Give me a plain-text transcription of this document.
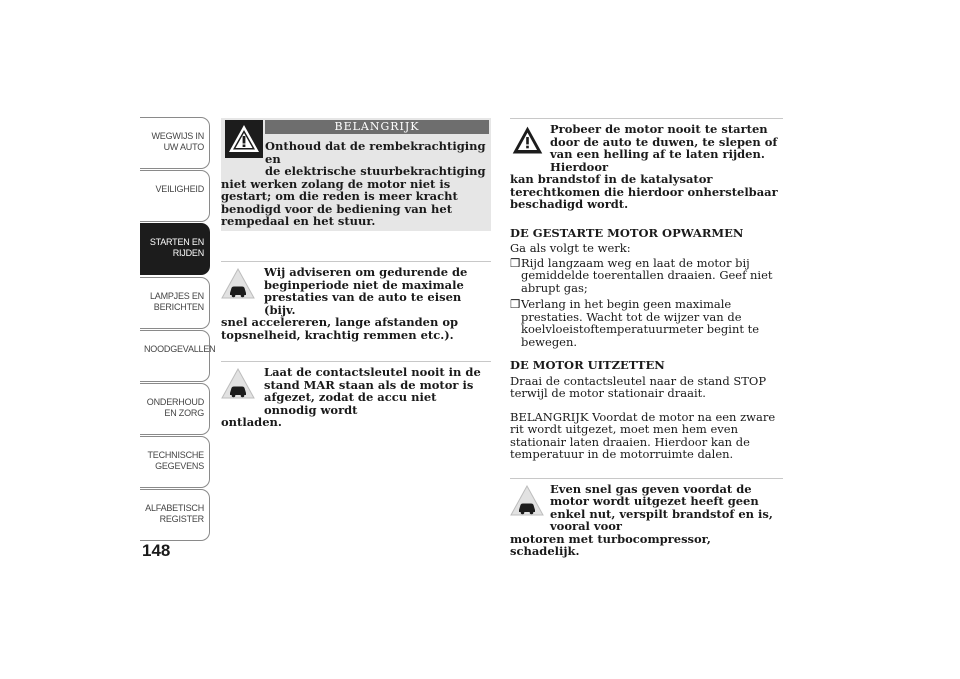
WEGWIJS IN UW AUTO
VEILIGHEID
STARTEN EN RIJDEN
LAMPJES EN BERICHTEN
NOODGEVALLEN
ONDERHOUD EN ZORG
TECHNISCHE GEGEVENS
ALFABETISCH REGISTER
148
BELANGRIJK
Onthoud dat de rembekrachtiging en
de elektrische stuurbekrachtiging
niet werken zolang de motor niet is gestart; om die reden is meer kracht benodigd voor de bediening van het rempedaal en het stuur.
Wij adviseren om gedurende de beginperiode niet de maximale prestaties van de auto te eisen (bijv.
snel accelereren, lange afstanden op topsnelheid, krachtig remmen etc.).
Laat de contactsleutel nooit in de stand MAR staan als de motor is afgezet, zodat de accu niet onnodig wordt
ontladen.
Probeer de motor nooit te starten door de auto te duwen, te slepen of van een helling af te laten rijden. Hierdoor
kan brandstof in de katalysator terechtkomen die hierdoor onherstelbaar beschadigd wordt.
DE GESTARTE MOTOR OPWARMEN
Ga als volgt te werk:
❒ Rijd langzaam weg en laat de motor bij gemiddelde toerentallen draaien. Geef niet abrupt gas;
❒ Verlang in het begin geen maximale prestaties. Wacht tot de wijzer van de koelvloeistoftemperatuurmeter begint te bewegen.
DE MOTOR UITZETTEN
Draai de contactsleutel naar de stand STOP terwijl de motor stationair draait.
BELANGRIJK Voordat de motor na een zware rit wordt uitgezet, moet men hem even stationair laten draaien. Hierdoor kan de temperatuur in de motorruimte dalen.
Even snel gas geven voordat de motor wordt uitgezet heeft geen enkel nut, verspilt brandstof en is, vooral voor
motoren met turbocompressor, schadelijk.
